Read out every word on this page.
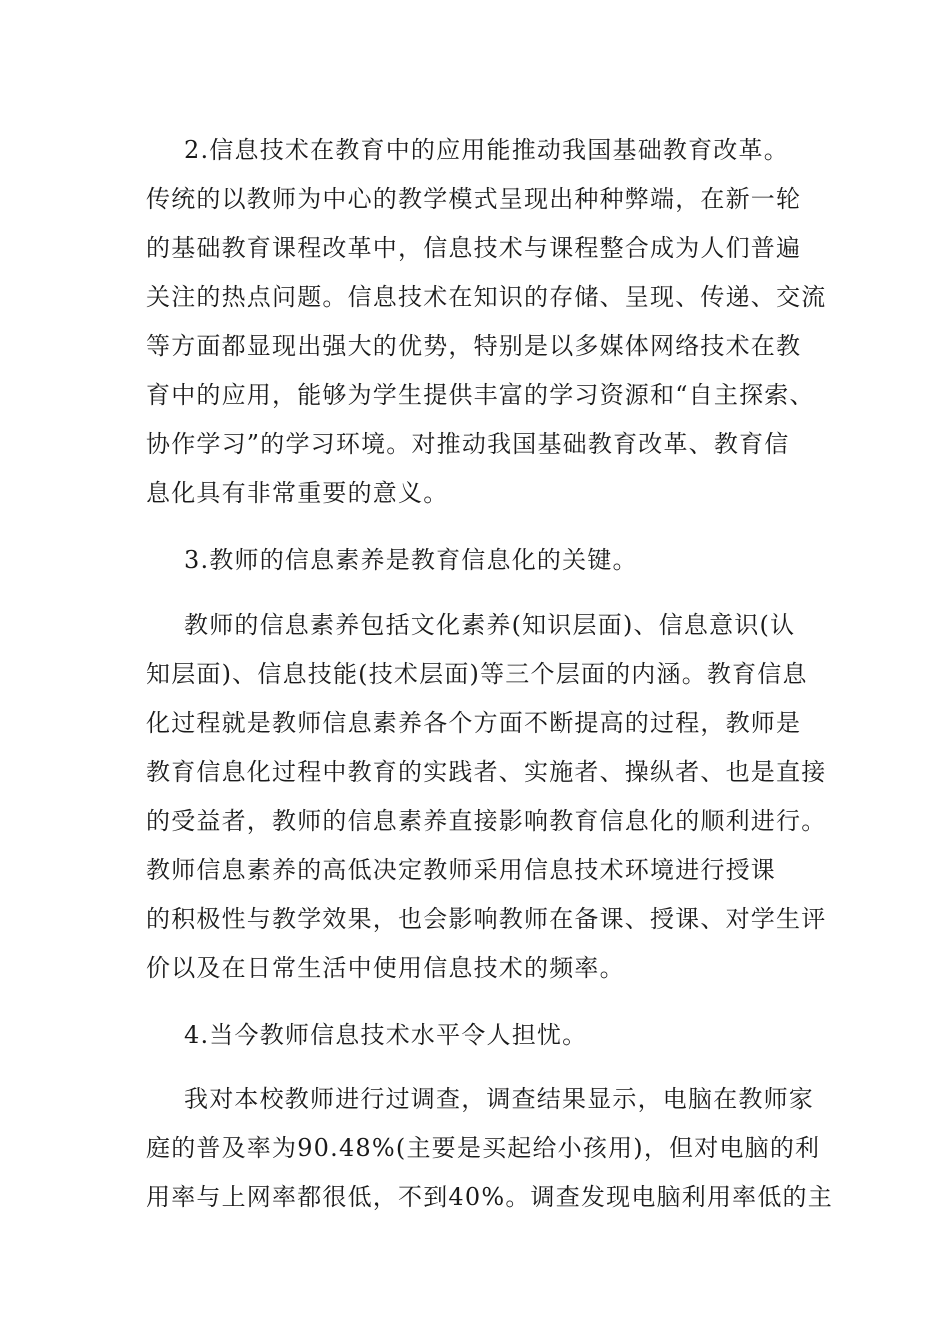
2.信息技术在教育中的应用能推动我国基础教育改革。
传统的以教师为中心的教学模式呈现出种种弊端，在新一轮
的基础教育课程改革中，信息技术与课程整合成为人们普遍
关注的热点问题。信息技术在知识的存储、呈现、传递、交流
等方面都显现出强大的优势，特别是以多媒体网络技术在教
育中的应用，能够为学生提供丰富的学习资源和“自主探索、
协作学习”的学习环境。对推动我国基础教育改革、教育信
息化具有非常重要的意义。
3.教师的信息素养是教育信息化的关键。
教师的信息素养包括文化素养(知识层面)、信息意识(认
知层面)、信息技能(技术层面)等三个层面的内涵。教育信息
化过程就是教师信息素养各个方面不断提高的过程，教师是
教育信息化过程中教育的实践者、实施者、操纵者、也是直接
的受益者，教师的信息素养直接影响教育信息化的顺利进行。
教师信息素养的高低决定教师采用信息技术环境进行授课
的积极性与教学效果，也会影响教师在备课、授课、对学生评
价以及在日常生活中使用信息技术的频率。
4.当今教师信息技术水平令人担忧。
我对本校教师进行过调查，调查结果显示，电脑在教师家
庭的普及率为90.48%(主要是买起给小孩用)，但对电脑的利
用率与上网率都很低，不到40%。调查发现电脑利用率低的主
